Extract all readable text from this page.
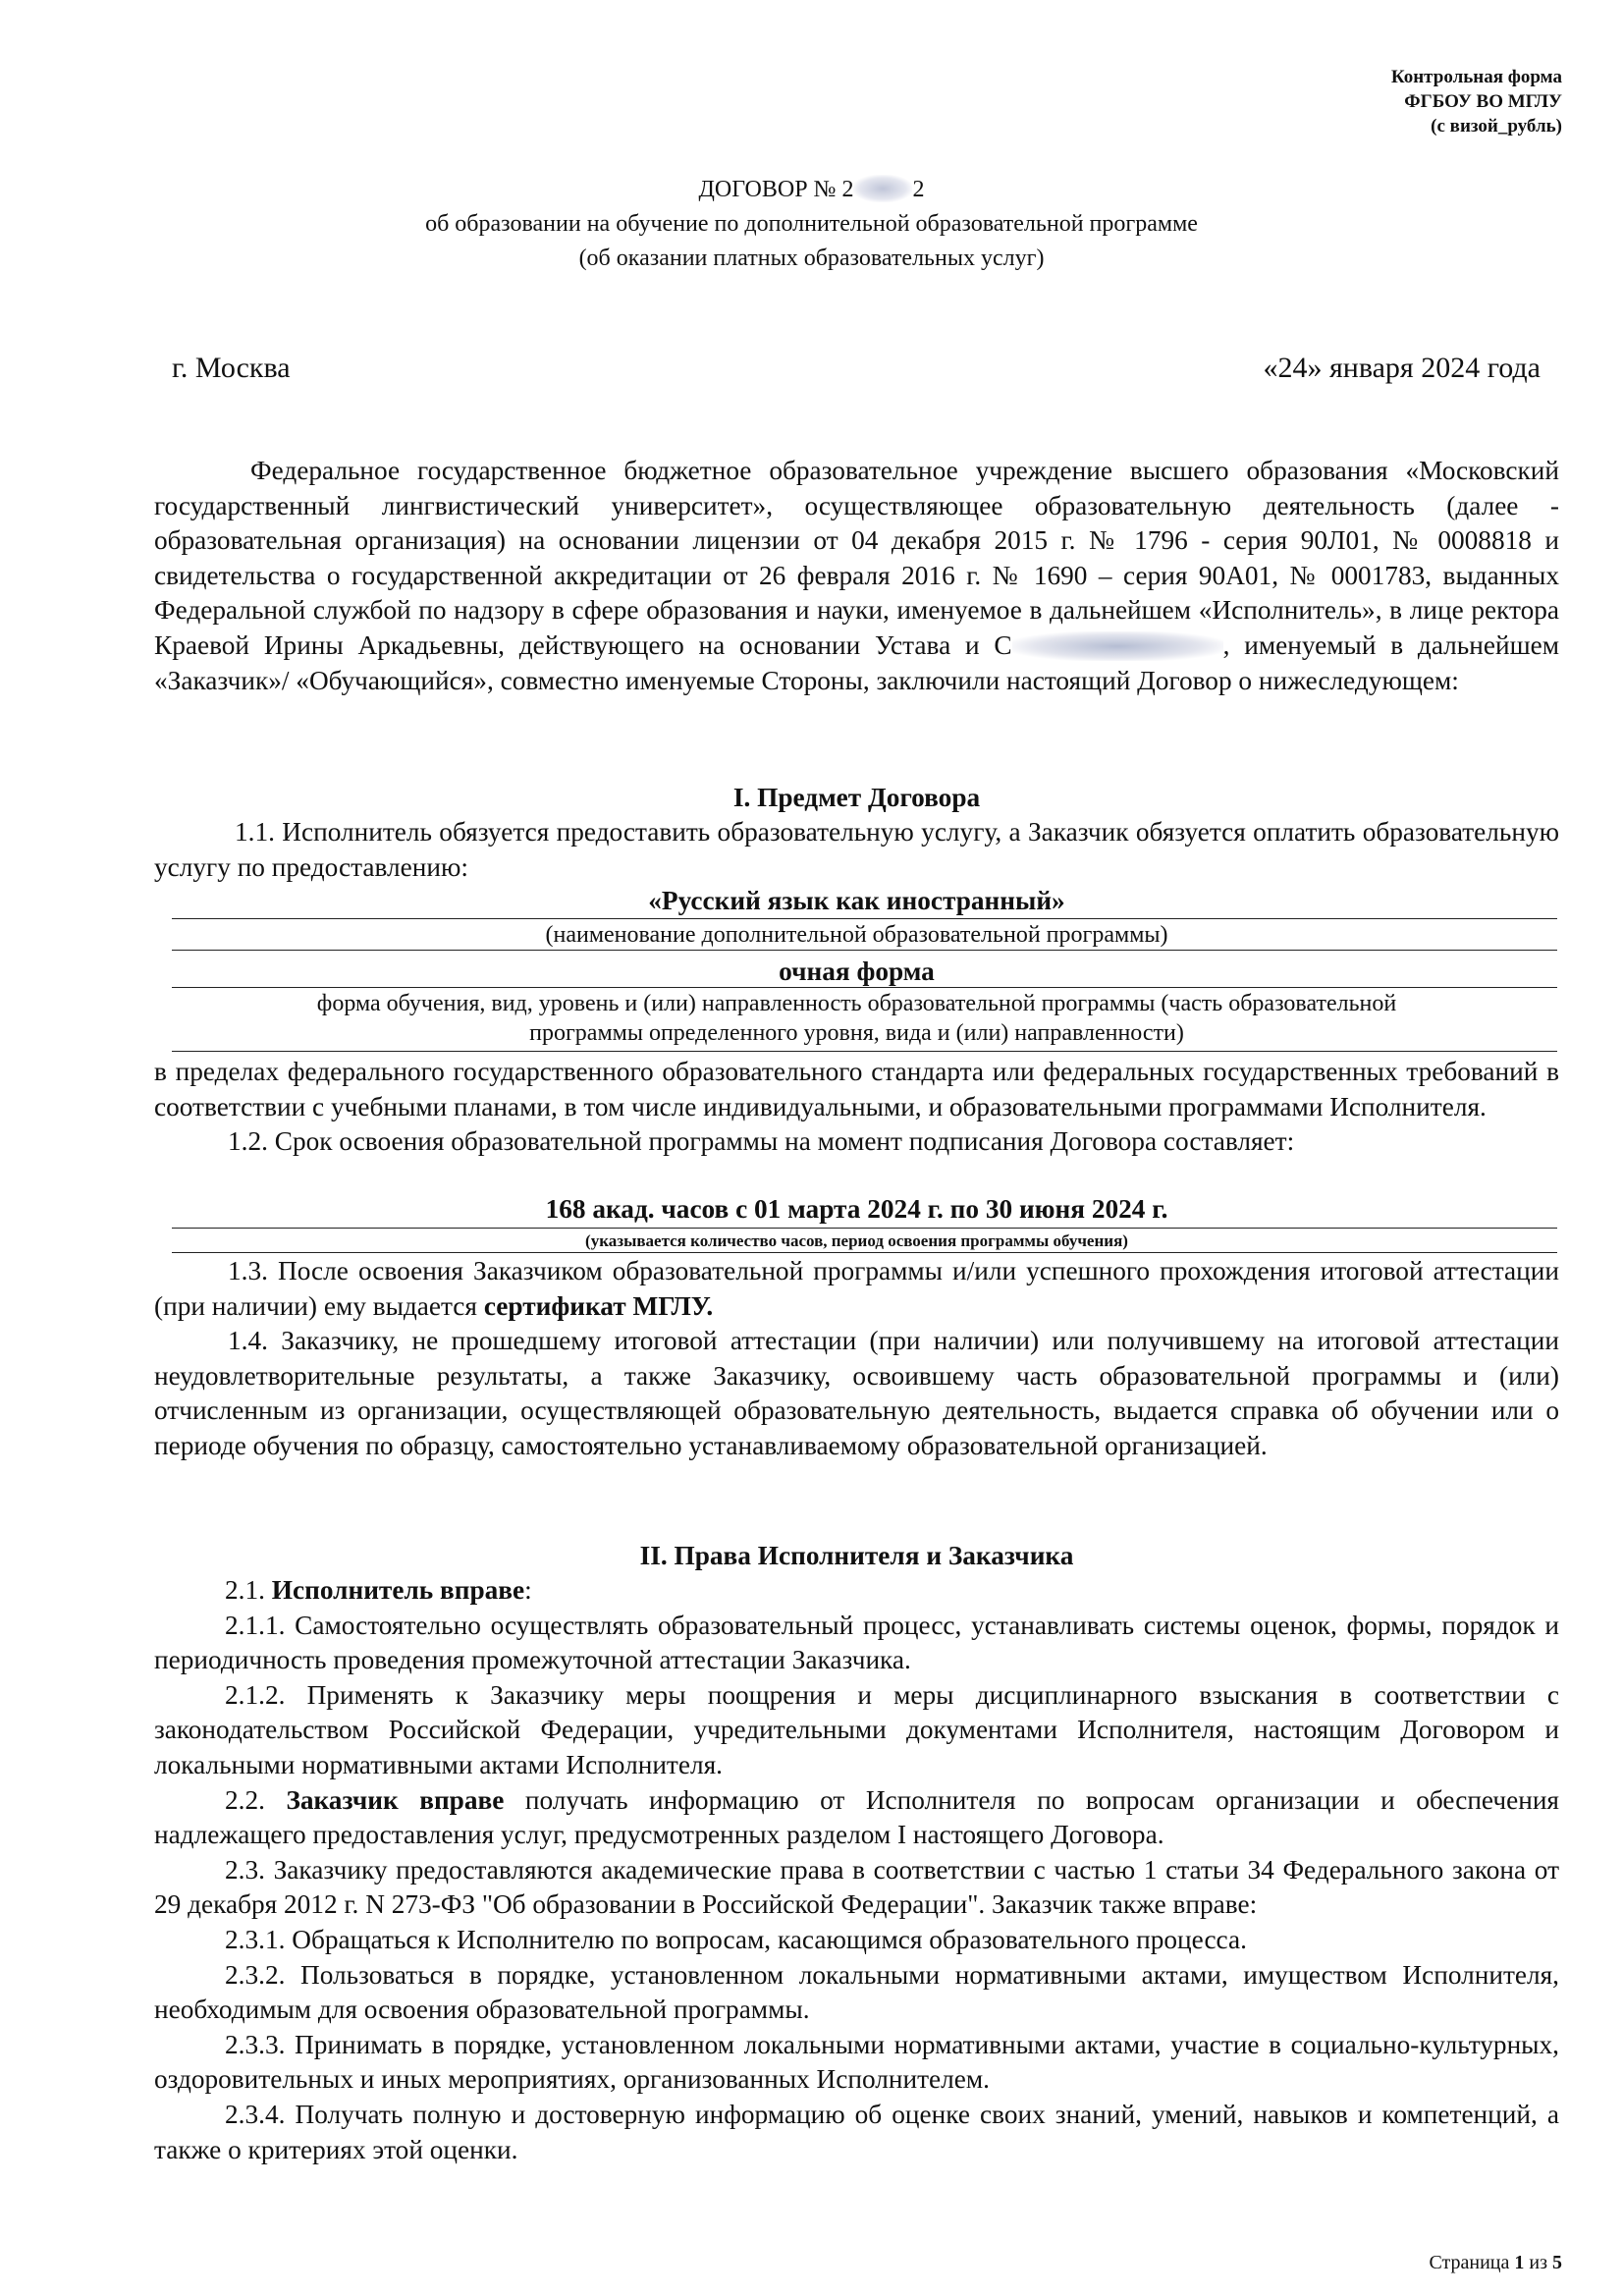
Контрольная форма
ФГБОУ ВО МГЛУ
(с визой_рубль)
ДОГОВОР № 2	2
об образовании на обучение по дополнительной образовательной программе
(об оказании платных образовательных услуг)
г. Москва	«24» января 2024 года

Федеральное государственное бюджетное образовательное учреждение высшего образования «Московский государственный лингвистический университет», осуществляющее образовательную деятельность (далее - образовательная организация) на основании лицензии от 04 декабря 2015 г. № 1796 - серия 90Л01, № 0008818 и свидетельства о государственной аккредитации от 26 февраля 2016 г. № 1690 – серия 90А01, № 0001783, выданных Федеральной службой по надзору в сфере образования и науки, именуемое в дальнейшем «Исполнитель», в лице ректора Краевой Ирины Аркадьевны, действующего на основании Устава и С	, именуемый в дальнейшем «Заказчик»/ «Обучающийся», совместно именуемые Стороны, заключили настоящий Договор о нижеследующем:

I. Предмет Договора

1.1. Исполнитель обязуется предоставить образовательную услугу, а Заказчик обязуется оплатить образовательную услугу по предоставлению:

«Русский язык как иностранный»
(наименование дополнительной образовательной программы)
очная форма
форма обучения, вид, уровень и (или) направленность образовательной программы (часть образовательной
программы определенного уровня, вида и (или) направленности)

в пределах федерального государственного образовательного стандарта или федеральных государственных требований в соответствии с учебными планами, в том числе индивидуальными, и образовательными программами Исполнителя.

1.2. Срок освоения образовательной программы на момент подписания Договора составляет:

168 акад. часов с 01 марта 2024 г. по 30 июня 2024 г.
(указывается количество часов, период освоения программы обучения)

1.3. После освоения Заказчиком образовательной программы и/или успешного прохождения итоговой аттестации (при наличии) ему выдается сертификат МГЛУ.

1.4. Заказчику, не прошедшему итоговой аттестации (при наличии) или получившему на итоговой аттестации неудовлетворительные результаты, а также Заказчику, освоившему часть образовательной программы и (или) отчисленным из организации, осуществляющей образовательную деятельность, выдается справка об обучении или о периоде обучения по образцу, самостоятельно устанавливаемому образовательной организацией.

II. Права Исполнителя и Заказчика

2.1. Исполнитель вправе:

2.1.1. Самостоятельно осуществлять образовательный процесс, устанавливать системы оценок, формы, порядок и периодичность проведения промежуточной аттестации Заказчика.

2.1.2. Применять к Заказчику меры поощрения и меры дисциплинарного взыскания в соответствии с законодательством Российской Федерации, учредительными документами Исполнителя, настоящим Договором и локальными нормативными актами Исполнителя.

2.2. Заказчик вправе получать информацию от Исполнителя по вопросам организации и обеспечения надлежащего предоставления услуг, предусмотренных разделом I настоящего Договора.

2.3. Заказчику предоставляются академические права в соответствии с частью 1 статьи 34 Федерального закона от 29 декабря 2012 г. N 273-ФЗ "Об образовании в Российской Федерации". Заказчик также вправе:

2.3.1. Обращаться к Исполнителю по вопросам, касающимся образовательного процесса.

2.3.2. Пользоваться в порядке, установленном локальными нормативными актами, имуществом Исполнителя, необходимым для освоения образовательной программы.

2.3.3. Принимать в порядке, установленном локальными нормативными актами, участие в социально-культурных, оздоровительных и иных мероприятиях, организованных Исполнителем.

2.3.4. Получать полную и достоверную информацию об оценке своих знаний, умений, навыков и компетенций, а также о критериях этой оценки.

Страница 1 из 5
